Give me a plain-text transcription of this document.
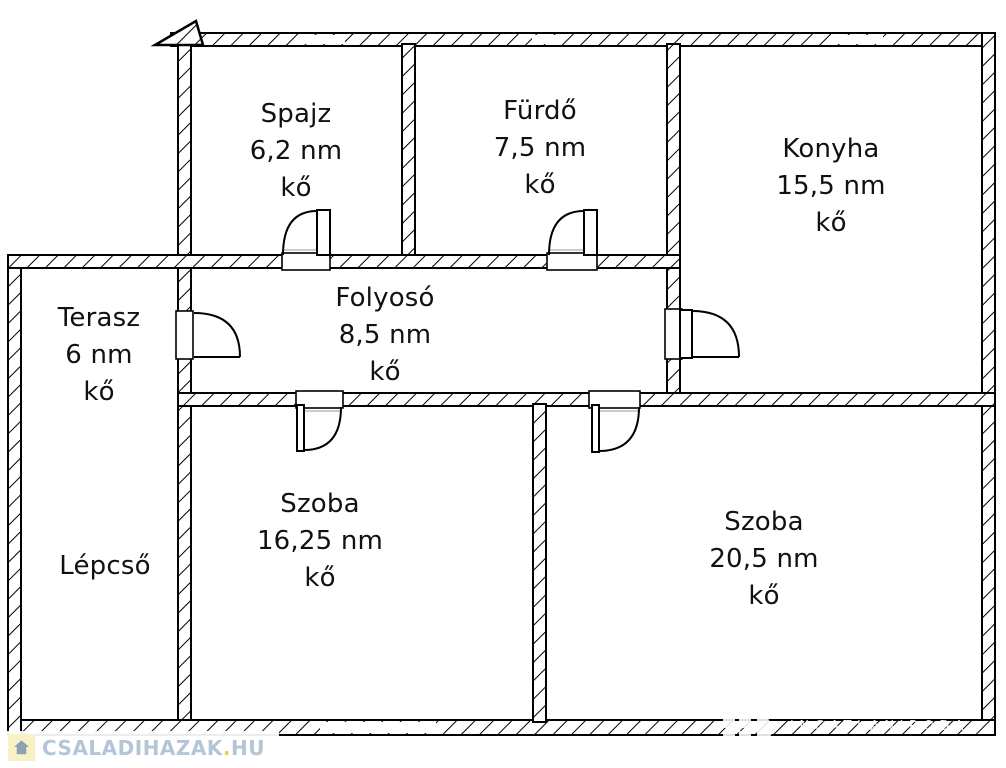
Spajz
6,2 nm
kő
Fürdő
7,5 nm
kő
Konyha
15,5 nm
kő
Terasz
6 nm
kő
Folyosó
8,5 nm
kő
Szoba
16,25 nm
kő
Szoba
20,5 nm
kő
Lépcső
CSALADIHAZAK.HU
INGATLANIRODA
